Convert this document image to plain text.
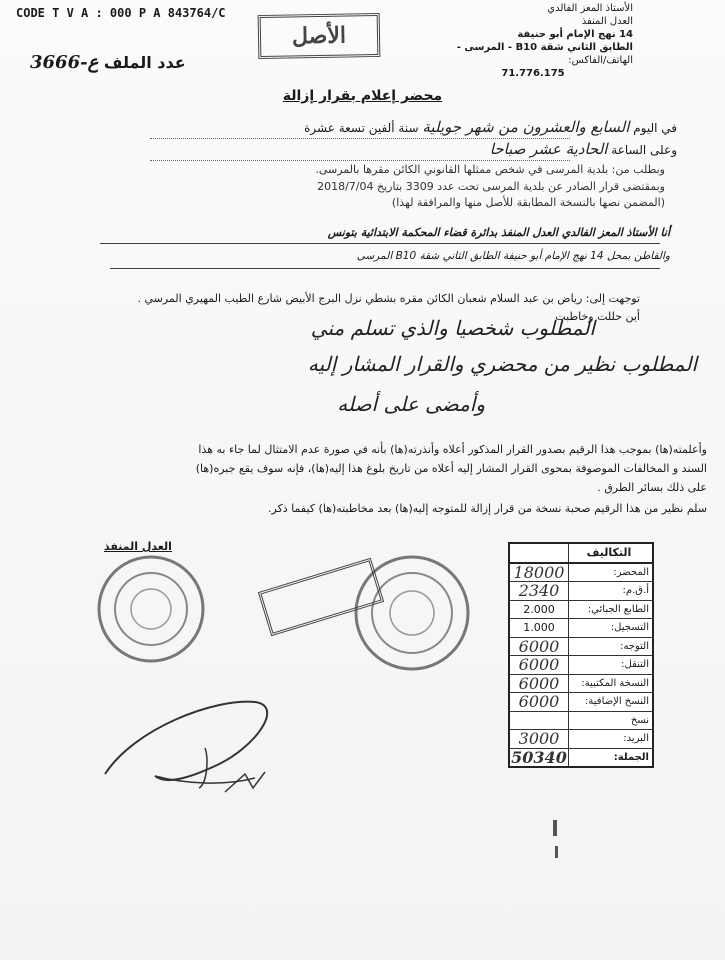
CODE T V A : 000 P A 843764/C
الأصل
الأستاذ المعز الفالدي
العدل المنفذ
14 نهج الإمام أبو حنيفة
الطابق الثاني شقة B10 - المرسى -
الهاتف/الفاكس:
71.776.175
عدد الملف ع-3666
محضر إعلام بقرار إزالة
في اليوم السابع والعشرون من شهر جويلية سنة ألفين تسعة عشرة
وعلى الساعة الحادية عشر صباحا
وبطلب من: بلدية المرسى في شخص ممثلها القانوني الكائن مقرها بالمرسى.
وبمقتضى قرار الصادر عن بلدية المرسى تحت عدد 3309 بتاريخ 2018/7/04
(المضمن نصها بالنسخة المطابقة للأصل منها والمرافقة لهذا)
أنا الأستاذ المعز الفالدي العدل المنفذ بدائرة قضاء المحكمة الابتدائية بتونس
والقاطن بمحل 14 نهج الإمام أبو حنيفة الطابق الثاني شقة B10 المرسى
توجهت إلى: رياض بن عبد السلام شعبان الكائن مقره بشطي نزل البرج الأبيض شارع الطيب المهيري المرسي .
أين حللت وخاطبت
المطلوب شخصيا والذي تسلم مني
المطلوب نظير من محضري والقرار المشار إليه
وأمضى على أصله
وأعلمته(ها) بموجب هذا الرقيم بصدور القرار المذكور أعلاه وأنذرته(ها) بأنه في صورة عدم الامتثال لما جاء به هذا
السند و المخالفات الموصوفة بمحوى القرار المشار إليه أعلاه من تاريخ بلوغ هذا إليه(ها)، فإنه سوف يقع جبره(ها)
على ذلك بسائر الطرق .
سلم نظير من هذا الرقيم صحبة نسخة من قرار إزالة للمتوجه إليه(ها) بعد مخاطبته(ها) كيفما ذكر.
العدل المنفذ	التكاليف
18000	المحضر:
2340	أ.ق.م:
2.000	الطابع الجبائي:
1.000	التسجيل:
6000	التوجه:
6000	التنقل:
6000	النسخة المكتبية:
6000	النسخ الإضافية:
نسخ
3000	البريد:
50340	الجملة:
